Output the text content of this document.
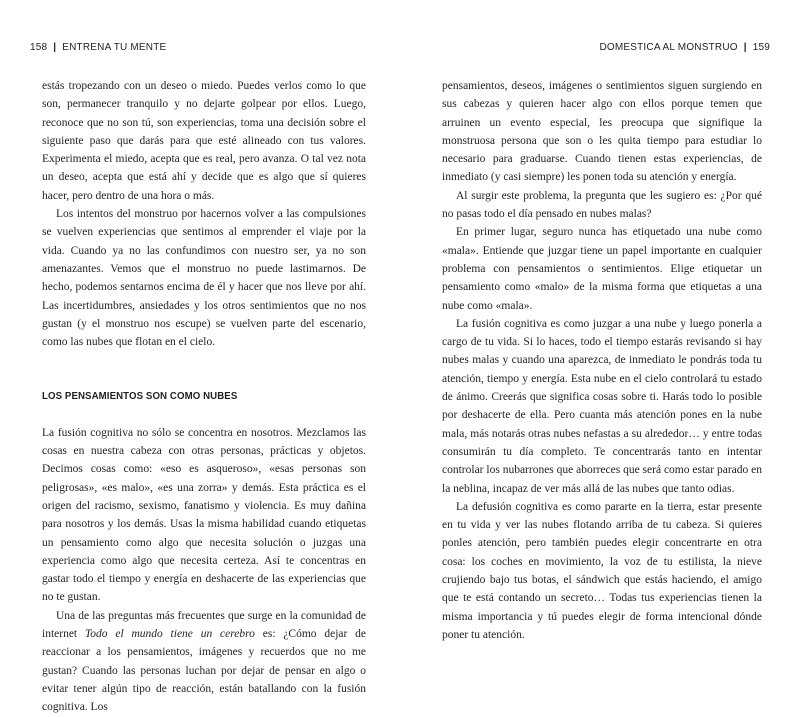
158 | ENTRENA TU MENTE

estás tropezando con un deseo o miedo. Puedes verlos como lo que son, permanecer tranquilo y no dejarte golpear por ellos. Luego, reconoce que no son tú, son experiencias, toma una decisión sobre el siguiente paso que darás para que esté alineado con tus valores. Experimenta el miedo, acepta que es real, pero avanza. O tal vez nota un deseo, acepta que está ahí y decide que es algo que sí quieres hacer, pero dentro de una hora o más.

Los intentos del monstruo por hacernos volver a las compulsiones se vuelven experiencias que sentimos al emprender el viaje por la vida. Cuando ya no las confundimos con nuestro ser, ya no son amenazantes. Vemos que el monstruo no puede lastimarnos. De hecho, podemos sentarnos encima de él y hacer que nos lleve por ahí. Las incertidumbres, ansiedades y los otros sentimientos que no nos gustan (y el monstruo nos escupe) se vuelven parte del escenario, como las nubes que flotan en el cielo.

LOS PENSAMIENTOS SON COMO NUBES

La fusión cognitiva no sólo se concentra en nosotros. Mezclamos las cosas en nuestra cabeza con otras personas, prácticas y objetos. Decimos cosas como: «eso es asqueroso», «esas personas son peligrosas», «es malo», «es una zorra» y demás. Esta práctica es el origen del racismo, sexismo, fanatismo y violencia. Es muy dañina para nosotros y los demás. Usas la misma habilidad cuando etiquetas un pensamiento como algo que necesita solución o juzgas una experiencia como algo que necesita certeza. Así te concentras en gastar todo el tiempo y energía en deshacerte de las experiencias que no te gustan.

Una de las preguntas más frecuentes que surge en la comunidad de internet Todo el mundo tiene un cerebro es: ¿Cómo dejar de reaccionar a los pensamientos, imágenes y recuerdos que no me gustan? Cuando las personas luchan por dejar de pensar en algo o evitar tener algún tipo de reacción, están batallando con la fusión cognitiva. Los

DOMESTICA AL MONSTRUO | 159

pensamientos, deseos, imágenes o sentimientos siguen surgiendo en sus cabezas y quieren hacer algo con ellos porque temen que arruinen un evento especial, les preocupa que signifique la monstruosa persona que son o les quita tiempo para estudiar lo necesario para graduarse. Cuando tienen estas experiencias, de inmediato (y casi siempre) les ponen toda su atención y energía.

Al surgir este problema, la pregunta que les sugiero es: ¿Por qué no pasas todo el día pensado en nubes malas?

En primer lugar, seguro nunca has etiquetado una nube como «mala». Entiende que juzgar tiene un papel importante en cualquier problema con pensamientos o sentimientos. Elige etiquetar un pensamiento como «malo» de la misma forma que etiquetas a una nube como «mala».

La fusión cognitiva es como juzgar a una nube y luego ponerla a cargo de tu vida. Si lo haces, todo el tiempo estarás revisando si hay nubes malas y cuando una aparezca, de inmediato le pondrás toda tu atención, tiempo y energía. Esta nube en el cielo controlará tu estado de ánimo. Creerás que significa cosas sobre ti. Harás todo lo posible por deshacerte de ella. Pero cuanta más atención pones en la nube mala, más notarás otras nubes nefastas a su alrededor… y entre todas consumirán tu día completo. Te concentrarás tanto en intentar controlar los nubarrones que aborreces que será como estar parado en la neblina, incapaz de ver más allá de las nubes que tanto odias.

La defusión cognitiva es como pararte en la tierra, estar presente en tu vida y ver las nubes flotando arriba de tu cabeza. Si quieres ponles atención, pero también puedes elegir concentrarte en otra cosa: los coches en movimiento, la voz de tu estilista, la nieve crujiendo bajo tus botas, el sándwich que estás haciendo, el amigo que te está contando un secreto… Todas tus experiencias tienen la misma importancia y tú puedes elegir de forma intencional dónde poner tu atención.
